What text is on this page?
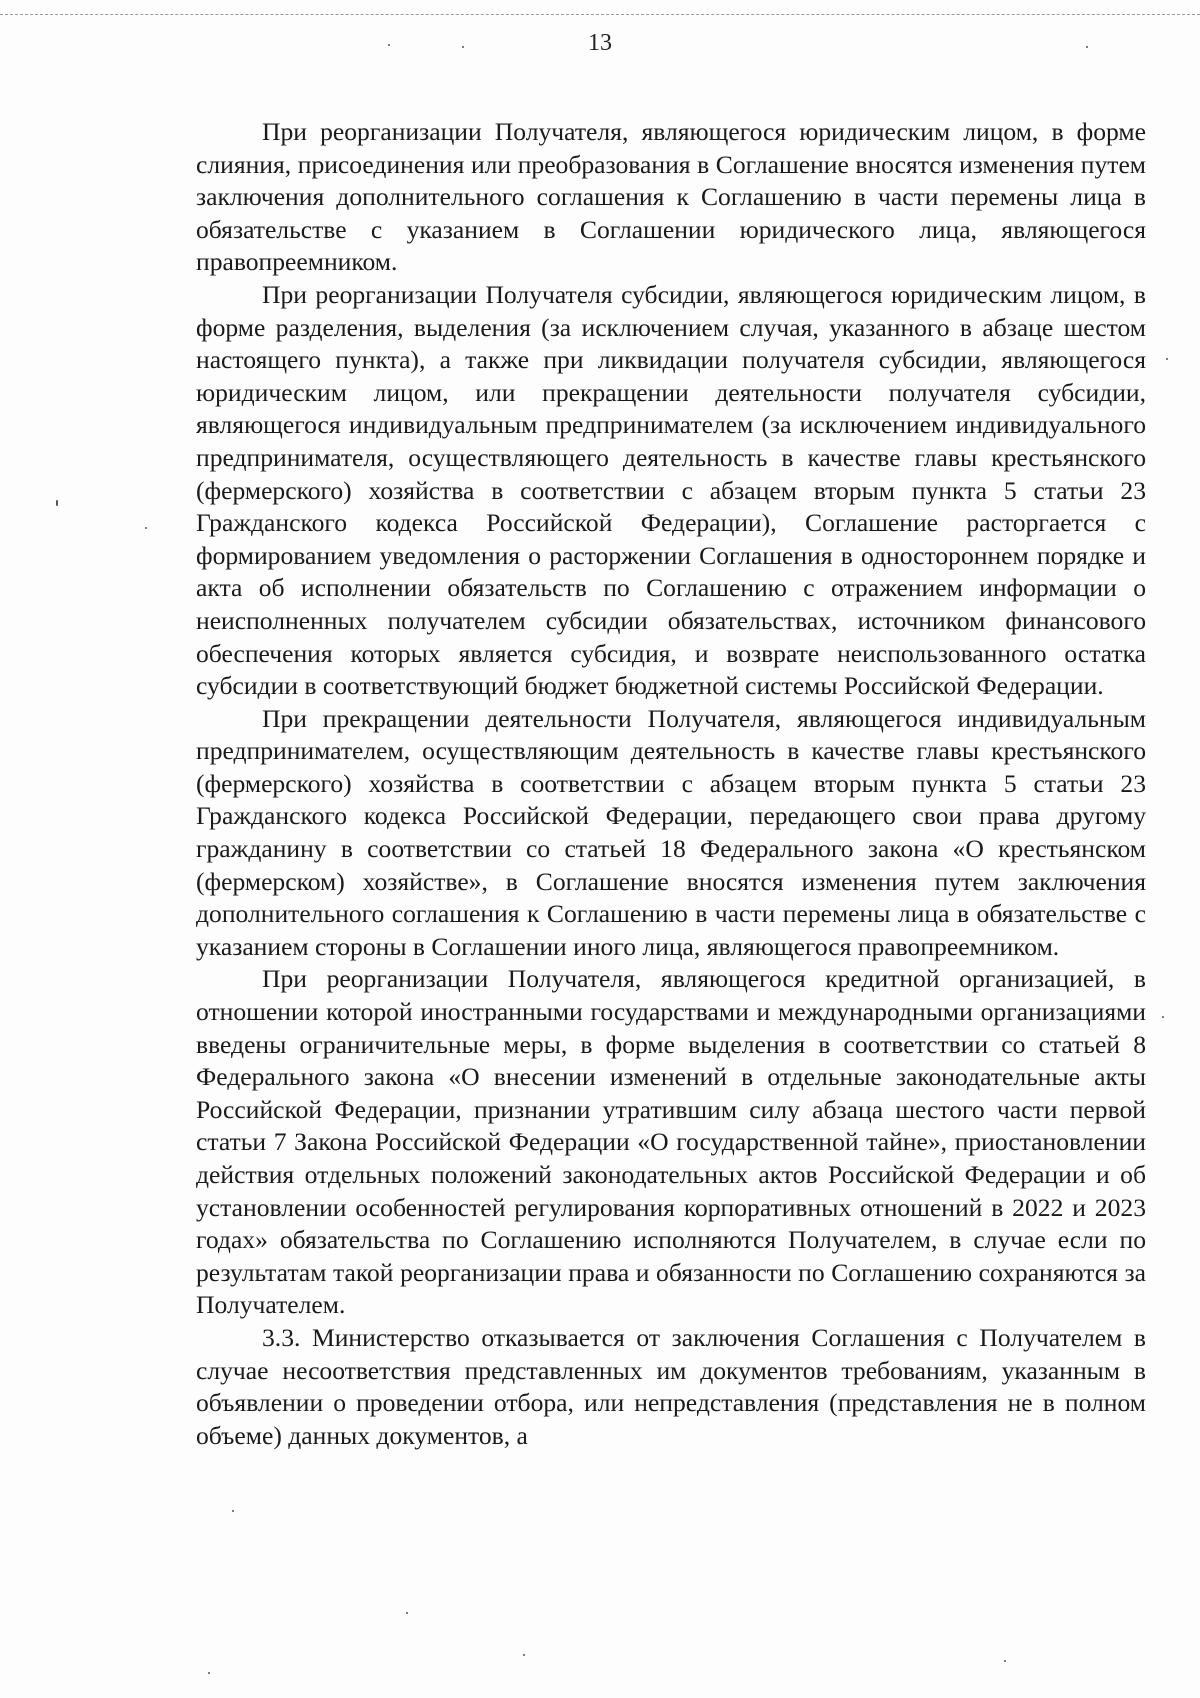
13

При реорганизации Получателя, являющегося юридическим лицом, в форме слияния, присоединения или преобразования в Соглашение вносятся изменения путем заключения дополнительного соглашения к Соглашению в части перемены лица в обязательстве с указанием в Соглашении юридического лица, являющегося правопреемником.

При реорганизации Получателя субсидии, являющегося юридическим лицом, в форме разделения, выделения (за исключением случая, указанного в абзаце шестом настоящего пункта), а также при ликвидации получателя субсидии, являющегося юридическим лицом, или прекращении деятельности получателя субсидии, являющегося индивидуальным предпринимателем (за исключением индивидуального предпринимателя, осуществляющего деятельность в качестве главы крестьянского (фермерского) хозяйства в соответствии с абзацем вторым пункта 5 статьи 23 Гражданского кодекса Российской Федерации), Соглашение расторгается с формированием уведомления о расторжении Соглашения в одностороннем порядке и акта об исполнении обязательств по Соглашению с отражением информации о неисполненных получателем субсидии обязательствах, источником финансового обеспечения которых является субсидия, и возврате неиспользованного остатка субсидии в соответствующий бюджет бюджетной системы Российской Федерации.

При прекращении деятельности Получателя, являющегося индивидуальным предпринимателем, осуществляющим деятельность в качестве главы крестьянского (фермерского) хозяйства в соответствии с абзацем вторым пункта 5 статьи 23 Гражданского кодекса Российской Федерации, передающего свои права другому гражданину в соответствии со статьей 18 Федерального закона «О крестьянском (фермерском) хозяйстве», в Соглашение вносятся изменения путем заключения дополнительного соглашения к Соглашению в части перемены лица в обязательстве с указанием стороны в Соглашении иного лица, являющегося правопреемником.

При реорганизации Получателя, являющегося кредитной организацией, в отношении которой иностранными государствами и международными организациями введены ограничительные меры, в форме выделения в соответствии со статьей 8 Федерального закона «О внесении изменений в отдельные законодательные акты Российской Федерации, признании утратившим силу абзаца шестого части первой статьи 7 Закона Российской Федерации «О государственной тайне», приостановлении действия отдельных положений законодательных актов Российской Федерации и об установлении особенностей регулирования корпоративных отношений в 2022 и 2023 годах» обязательства по Соглашению исполняются Получателем, в случае если по результатам такой реорганизации права и обязанности по Соглашению сохраняются за Получателем.

3.3. Министерство отказывается от заключения Соглашения с Получателем в случае несоответствия представленных им документов требованиям, указанным в объявлении о проведении отбора, или непредставления (представления не в полном объеме) данных документов, а
